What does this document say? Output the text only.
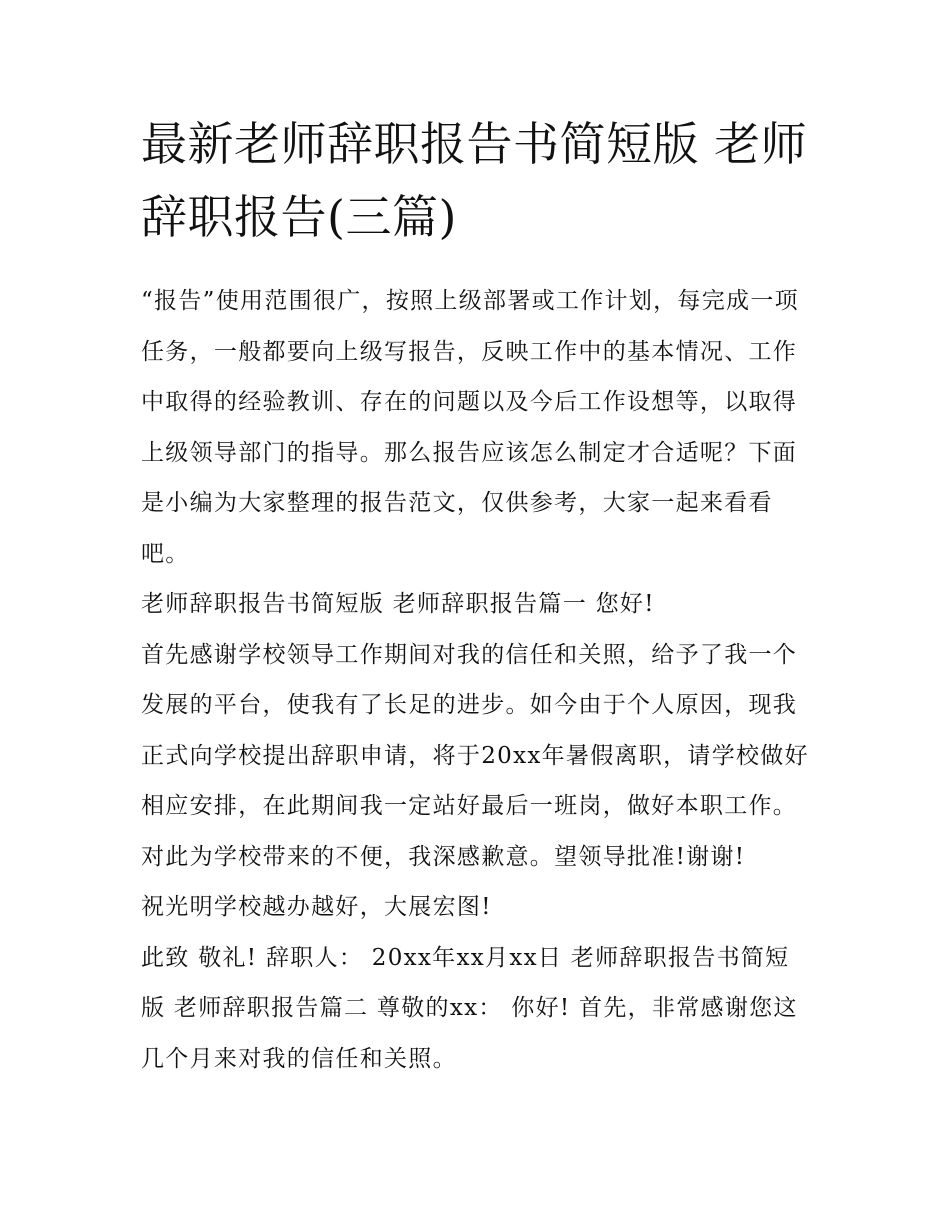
最新老师辞职报告书简短版 老师辞职报告(三篇)

“报告”使用范围很广，按照上级部署或工作计划，每完成一项任务，一般都要向上级写报告，反映工作中的基本情况、工作中取得的经验教训、存在的问题以及今后工作设想等，以取得上级领导部门的指导。那么报告应该怎么制定才合适呢？下面是小编为大家整理的报告范文，仅供参考，大家一起来看看吧。

老师辞职报告书简短版 老师辞职报告篇一 您好!

首先感谢学校领导工作期间对我的信任和关照，给予了我一个发展的平台，使我有了长足的进步。如今由于个人原因，现我正式向学校提出辞职申请，将于20xx年暑假离职，请学校做好相应安排，在此期间我一定站好最后一班岗，做好本职工作。对此为学校带来的不便，我深感歉意。望领导批准!谢谢!

祝光明学校越办越好，大展宏图!

此致 敬礼! 辞职人： 20xx年xx月xx日 老师辞职报告书简短版 老师辞职报告篇二 尊敬的xx： 你好! 首先，非常感谢您这几个月来对我的信任和关照。
